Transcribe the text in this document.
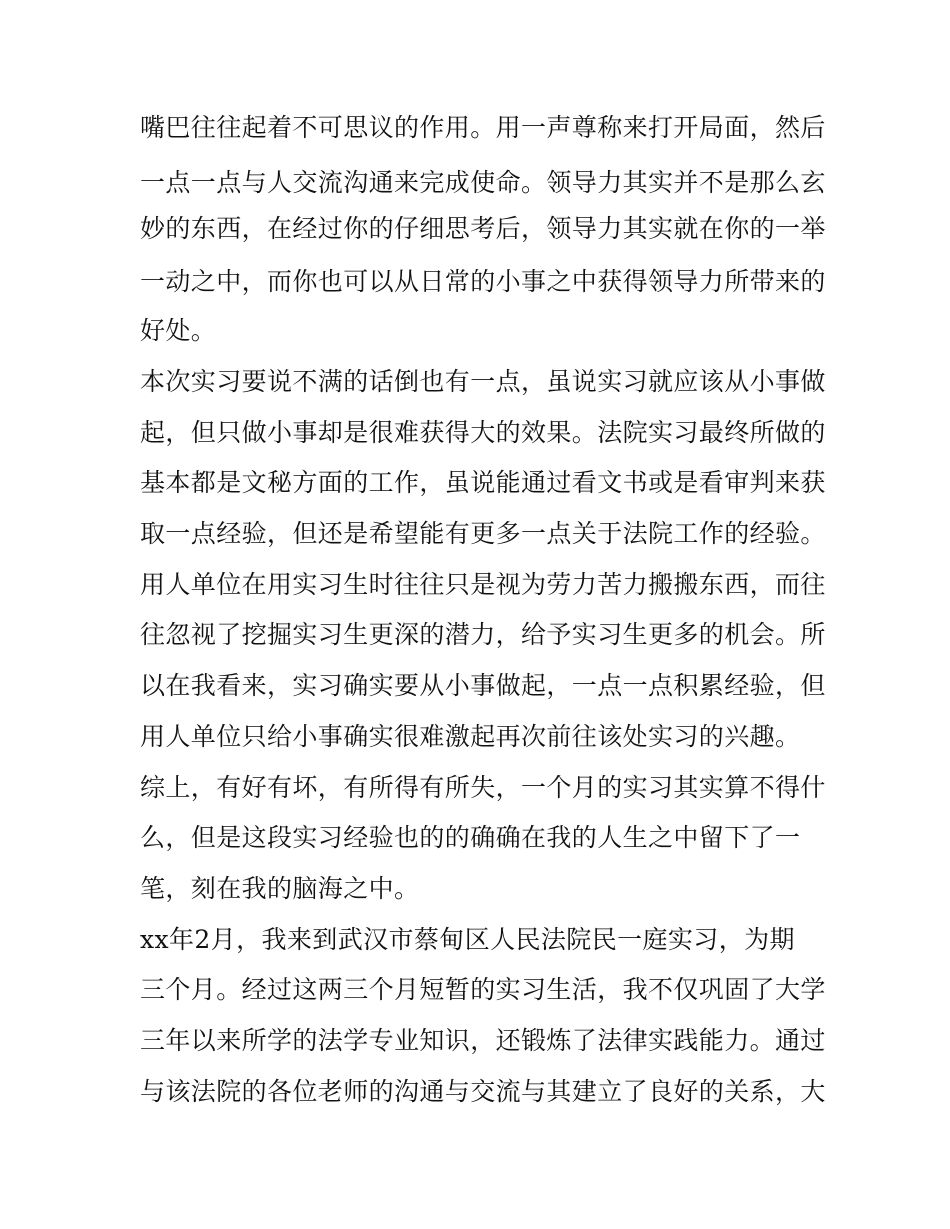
嘴巴往往起着不可思议的作用。用一声尊称来打开局面，然后
一点一点与人交流沟通来完成使命。领导力其实并不是那么玄
妙的东西，在经过你的仔细思考后，领导力其实就在你的一举
一动之中，而你也可以从日常的小事之中获得领导力所带来的
好处。
本次实习要说不满的话倒也有一点，虽说实习就应该从小事做
起，但只做小事却是很难获得大的效果。法院实习最终所做的
基本都是文秘方面的工作，虽说能通过看文书或是看审判来获
取一点经验，但还是希望能有更多一点关于法院工作的经验。
用人单位在用实习生时往往只是视为劳力苦力搬搬东西，而往
往忽视了挖掘实习生更深的潜力，给予实习生更多的机会。所
以在我看来，实习确实要从小事做起，一点一点积累经验，但
用人单位只给小事确实很难激起再次前往该处实习的兴趣。
综上，有好有坏，有所得有所失，一个月的实习其实算不得什
么，但是这段实习经验也的的确确在我的人生之中留下了一
笔，刻在我的脑海之中。
xx年2月，我来到武汉市蔡甸区人民法院民一庭实习，为期
三个月。经过这两三个月短暂的实习生活，我不仅巩固了大学
三年以来所学的法学专业知识，还锻炼了法律实践能力。通过
与该法院的各位老师的沟通与交流与其建立了良好的关系，大
